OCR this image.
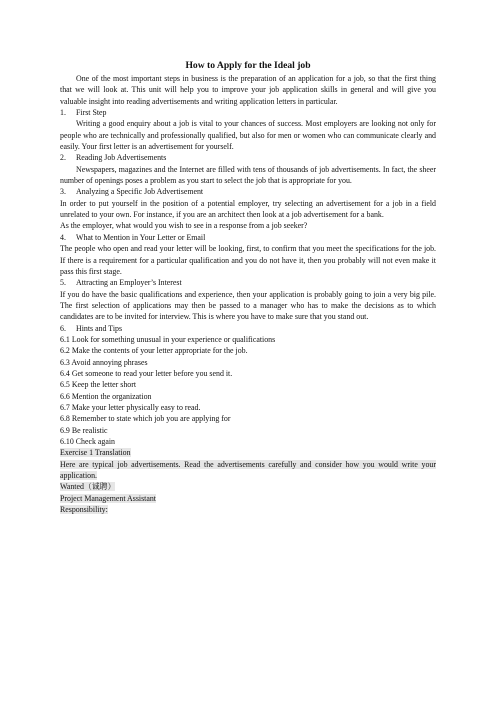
How to Apply for the Ideal job

One of the most important steps in business is the preparation of an application for a job, so that the first thing that we will look at. This unit will help you to improve your job application skills in general and will give you valuable insight into reading advertisements and writing application letters in particular.

1. First Step

Writing a good enquiry about a job is vital to your chances of success. Most employers are looking not only for people who are technically and professionally qualified, but also for men or women who can communicate clearly and easily. Your first letter is an advertisement for yourself.

2. Reading Job Advertisements

Newspapers, magazines and the Internet are filled with tens of thousands of job advertisements. In fact, the sheer number of openings poses a problem as you start to select the job that is appropriate for you.

3. Analyzing a Specific Job Advertisement

In order to put yourself in the position of a potential employer, try selecting an advertisement for a job in a field unrelated to your own. For instance, if you are an architect then look at a job advertisement for a bank.

As the employer, what would you wish to see in a response from a job seeker?

4. What to Mention in Your Letter or Email

The people who open and read your letter will be looking, first, to confirm that you meet the specifications for the job. If there is a requirement for a particular qualification and you do not have it, then you probably will not even make it pass this first stage.

5. Attracting an Employer’s Interest

If you do have the basic qualifications and experience, then your application is probably going to join a very big pile. The first selection of applications may then be passed to a manager who has to make the decisions as to which candidates are to be invited for interview. This is where you have to make sure that you stand out.

6. Hints and Tips

6.1 Look for something unusual in your experience or qualifications

6.2 Make the contents of your letter appropriate for the job.

6.3 Avoid annoying phrases

6.4 Get someone to read your letter before you send it.

6.5 Keep the letter short

6.6 Mention the organization

6.7 Make your letter physically easy to read.

6.8 Remember to state which job you are applying for

6.9 Be realistic

6.10 Check again

Exercise 1 Translation

Here are typical job advertisements. Read the advertisements carefully and consider how you would write your application.

Wanted（诚聘）

Project Management Assistant

Responsibility:
